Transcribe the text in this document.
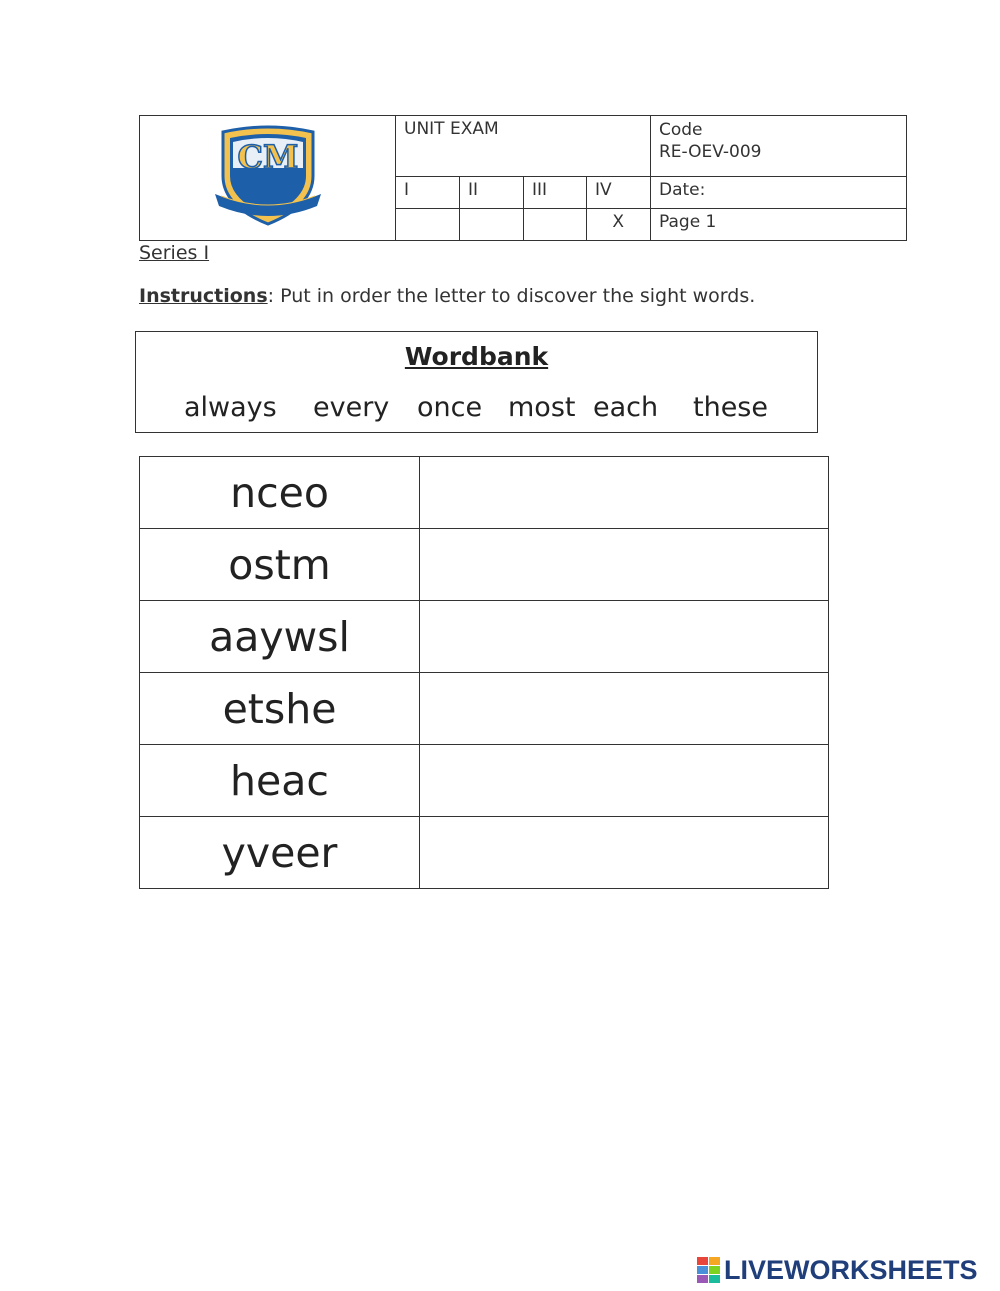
CM	UNIT EXAM				Code
RE-OEV-009

	I	II	III	IV	Date:
				X	Page 1
Series I
Instructions: Put in order the letter to discover the sight words.
Wordbank
always every once most each these
nceo	
ostm	
aaywsl	
etshe	
heac	
yveer	
LIVEWORKSHEETS
